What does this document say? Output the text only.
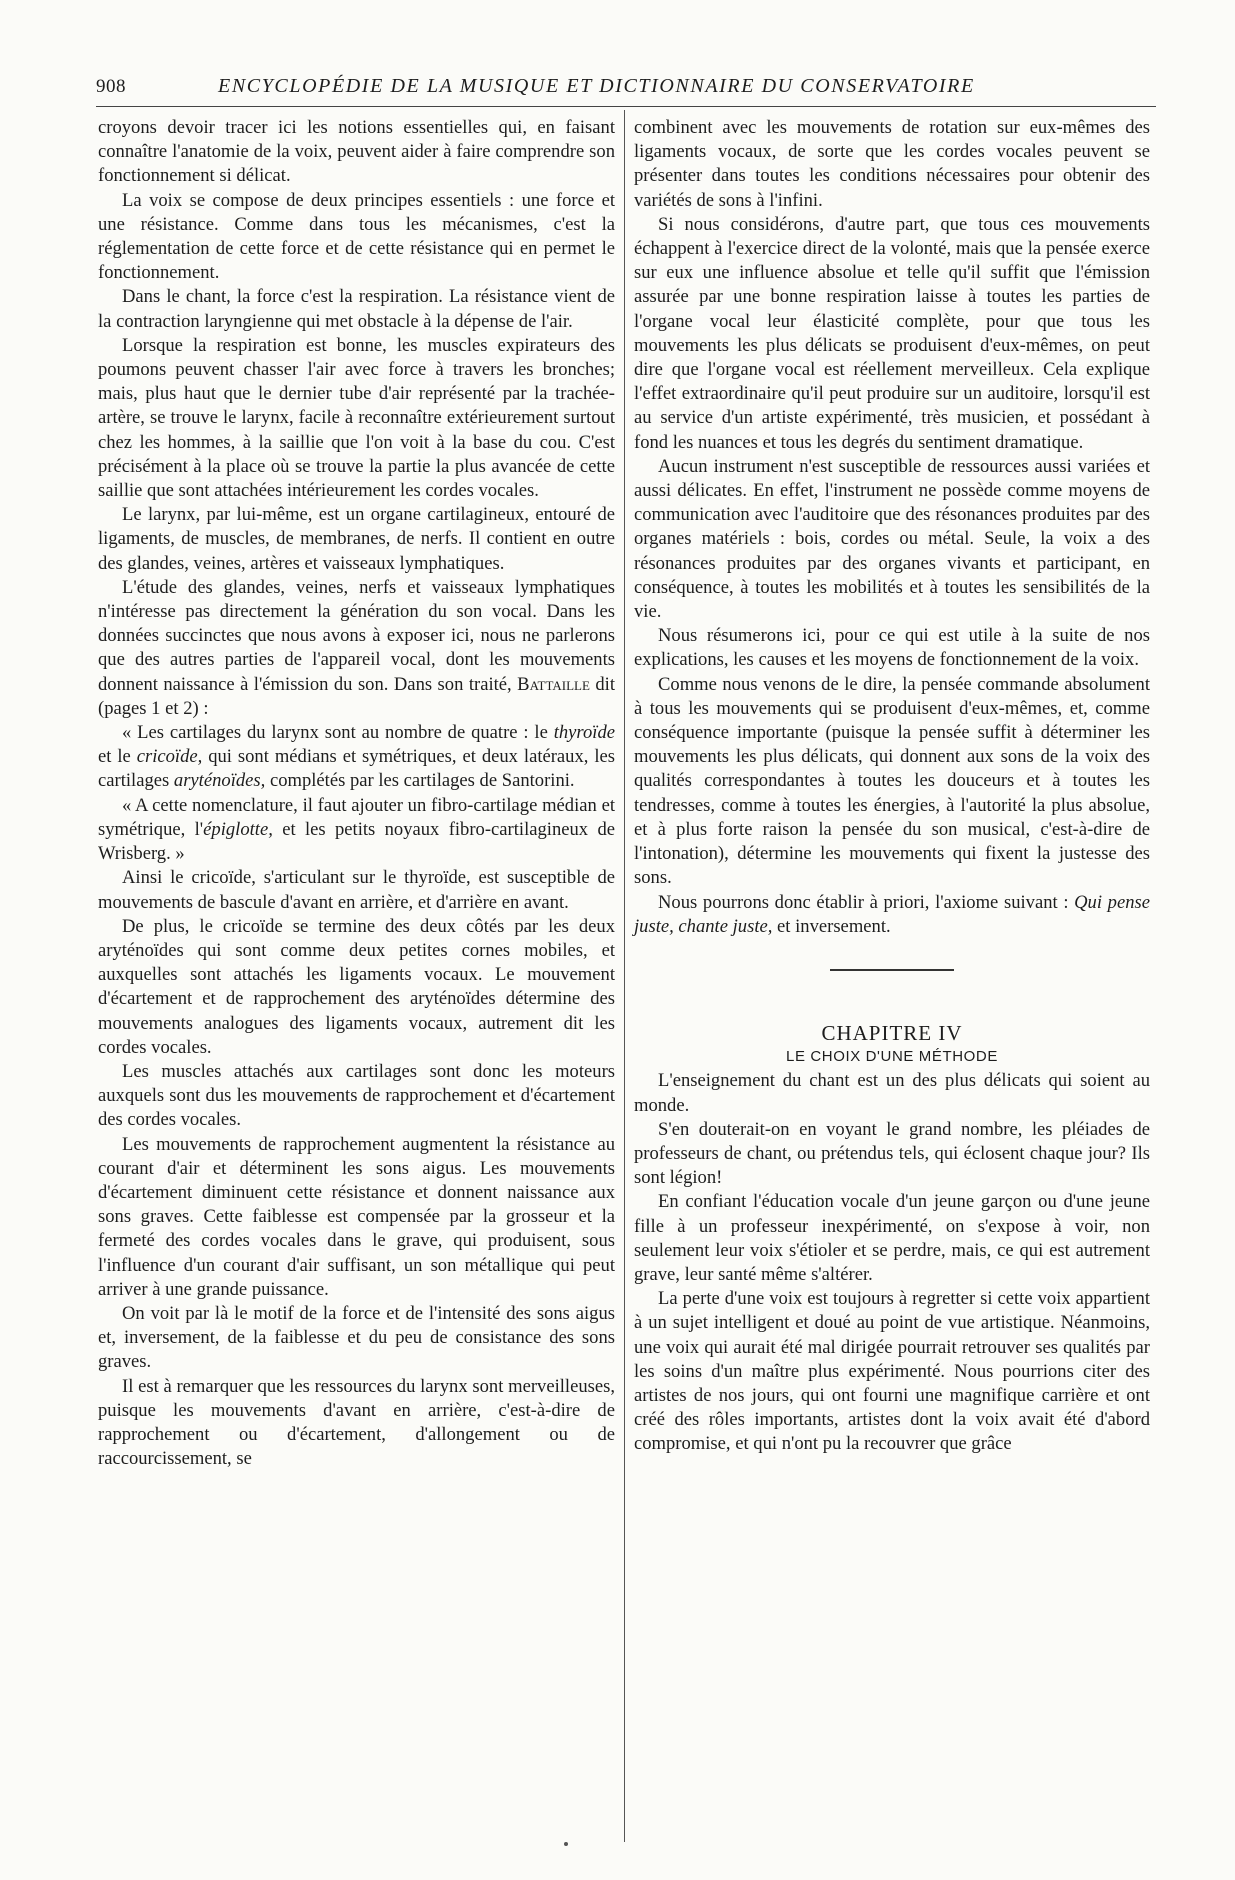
908	ENCYCLOPÉDIE DE LA MUSIQUE ET DICTIONNAIRE DU CONSERVATOIRE

croyons devoir tracer ici les notions essentielles qui, en faisant connaître l'anatomie de la voix, peuvent aider à faire comprendre son fonctionnement si délicat.

La voix se compose de deux principes essentiels : une force et une résistance. Comme dans tous les mécanismes, c'est la réglementation de cette force et de cette résistance qui en permet le fonctionnement.

Dans le chant, la force c'est la respiration. La résistance vient de la contraction laryngienne qui met obstacle à la dépense de l'air.

Lorsque la respiration est bonne, les muscles expirateurs des poumons peuvent chasser l'air avec force à travers les bronches; mais, plus haut que le dernier tube d'air représenté par la trachée-artère, se trouve le larynx, facile à reconnaître extérieurement surtout chez les hommes, à la saillie que l'on voit à la base du cou. C'est précisément à la place où se trouve la partie la plus avancée de cette saillie que sont attachées intérieurement les cordes vocales.

Le larynx, par lui-même, est un organe cartilagineux, entouré de ligaments, de muscles, de membranes, de nerfs. Il contient en outre des glandes, veines, artères et vaisseaux lymphatiques.

L'étude des glandes, veines, nerfs et vaisseaux lymphatiques n'intéresse pas directement la génération du son vocal. Dans les données succinctes que nous avons à exposer ici, nous ne parlerons que des autres parties de l'appareil vocal, dont les mouvements donnent naissance à l'émission du son. Dans son traité, Battaille dit (pages 1 et 2) :

« Les cartilages du larynx sont au nombre de quatre : le thyroïde et le cricoïde, qui sont médians et symétriques, et deux latéraux, les cartilages aryténoïdes, complétés par les cartilages de Santorini.

« A cette nomenclature, il faut ajouter un fibro-cartilage médian et symétrique, l'épiglotte, et les petits noyaux fibro-cartilagineux de Wrisberg. »

Ainsi le cricoïde, s'articulant sur le thyroïde, est susceptible de mouvements de bascule d'avant en arrière, et d'arrière en avant.

De plus, le cricoïde se termine des deux côtés par les deux aryténoïdes qui sont comme deux petites cornes mobiles, et auxquelles sont attachés les ligaments vocaux. Le mouvement d'écartement et de rapprochement des aryténoïdes détermine des mouvements analogues des ligaments vocaux, autrement dit les cordes vocales.

Les muscles attachés aux cartilages sont donc les moteurs auxquels sont dus les mouvements de rapprochement et d'écartement des cordes vocales.

Les mouvements de rapprochement augmentent la résistance au courant d'air et déterminent les sons aigus. Les mouvements d'écartement diminuent cette résistance et donnent naissance aux sons graves. Cette faiblesse est compensée par la grosseur et la fermeté des cordes vocales dans le grave, qui produisent, sous l'influence d'un courant d'air suffisant, un son métallique qui peut arriver à une grande puissance.

On voit par là le motif de la force et de l'intensité des sons aigus et, inversement, de la faiblesse et du peu de consistance des sons graves.

Il est à remarquer que les ressources du larynx sont merveilleuses, puisque les mouvements d'avant en arrière, c'est-à-dire de rapprochement ou d'écartement, d'allongement ou de raccourcissement, se

combinent avec les mouvements de rotation sur eux-mêmes des ligaments vocaux, de sorte que les cordes vocales peuvent se présenter dans toutes les conditions nécessaires pour obtenir des variétés de sons à l'infini.

Si nous considérons, d'autre part, que tous ces mouvements échappent à l'exercice direct de la volonté, mais que la pensée exerce sur eux une influence absolue et telle qu'il suffit que l'émission assurée par une bonne respiration laisse à toutes les parties de l'organe vocal leur élasticité complète, pour que tous les mouvements les plus délicats se produisent d'eux-mêmes, on peut dire que l'organe vocal est réellement merveilleux. Cela explique l'effet extraordinaire qu'il peut produire sur un auditoire, lorsqu'il est au service d'un artiste expérimenté, très musicien, et possédant à fond les nuances et tous les degrés du sentiment dramatique.

Aucun instrument n'est susceptible de ressources aussi variées et aussi délicates. En effet, l'instrument ne possède comme moyens de communication avec l'auditoire que des résonances produites par des organes matériels : bois, cordes ou métal. Seule, la voix a des résonances produites par des organes vivants et participant, en conséquence, à toutes les mobilités et à toutes les sensibilités de la vie.

Nous résumerons ici, pour ce qui est utile à la suite de nos explications, les causes et les moyens de fonctionnement de la voix.

Comme nous venons de le dire, la pensée commande absolument à tous les mouvements qui se produisent d'eux-mêmes, et, comme conséquence importante (puisque la pensée suffit à déterminer les mouvements les plus délicats, qui donnent aux sons de la voix des qualités correspondantes à toutes les douceurs et à toutes les tendresses, comme à toutes les énergies, à l'autorité la plus absolue, et à plus forte raison la pensée du son musical, c'est-à-dire de l'intonation), détermine les mouvements qui fixent la justesse des sons.

Nous pourrons donc établir à priori, l'axiome suivant : Qui pense juste, chante juste, et inversement.

CHAPITRE IV

LE CHOIX D'UNE MÉTHODE

L'enseignement du chant est un des plus délicats qui soient au monde.

S'en douterait-on en voyant le grand nombre, les pléiades de professeurs de chant, ou prétendus tels, qui éclosent chaque jour? Ils sont légion!

En confiant l'éducation vocale d'un jeune garçon ou d'une jeune fille à un professeur inexpérimenté, on s'expose à voir, non seulement leur voix s'étioler et se perdre, mais, ce qui est autrement grave, leur santé même s'altérer.

La perte d'une voix est toujours à regretter si cette voix appartient à un sujet intelligent et doué au point de vue artistique. Néanmoins, une voix qui aurait été mal dirigée pourrait retrouver ses qualités par les soins d'un maître plus expérimenté. Nous pourrions citer des artistes de nos jours, qui ont fourni une magnifique carrière et ont créé des rôles importants, artistes dont la voix avait été d'abord compromise, et qui n'ont pu la recouvrer que grâce
